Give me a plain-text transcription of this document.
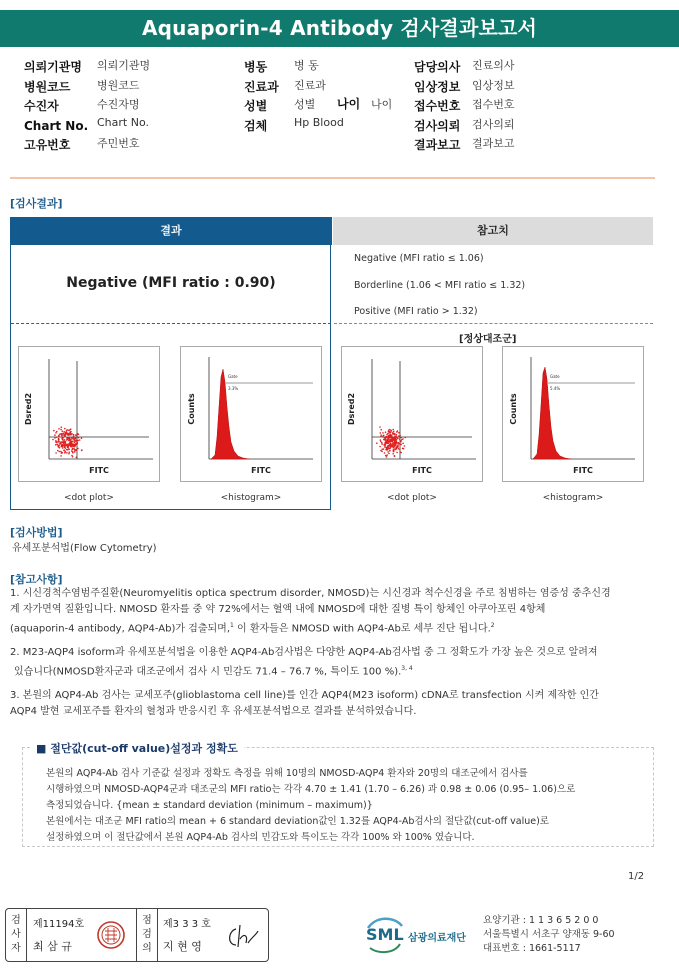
Aquaporin-4 Antibody 검사결과보고서
의뢰기관명 의뢰기관명
병원코드 병원코드
수진자	수진자명
Chart No. Chart No.
고유번호 주민번호
병동 병 동
진료과 진료과
성별 성별 나이 나이
검체 Hp Blood
담당의사 진료의사
임상정보 임상정보
접수번호 접수번호
검사의뢰 검사의뢰
결과보고 결과보고
[검사결과]
결과	참고치
Negative (MFI ratio : 0.90)
Negative (MFI ratio ≤ 1.06)
Borderline (1.06 < MFI ratio ≤ 1.32)
Positive (MFI ratio > 1.32)
[정상대조군]
Dsred2
FITC
<dot plot>
Gate
3.3%
Counts
FITC
<histogram>
Dsred2
FITC
<dot plot>
Gate
5.4%
Counts
FITC
<histogram>
[검사방법]
유세포분석법(Flow Cytometry)
[참고사항]
1. 시신경척수염범주질환(Neuromyelitis optica spectrum disorder, NMOSD)는 시신경과 척수신경을 주로 침범하는 염증성 중추신경
계 자가면역 질환입니다. NMOSD 환자를 중 약 72%에서는 혈액 내에 NMOSD에 대한 질병 특이 항체인 아쿠아포린 4항체
(aquaporin-4 antibody, AQP4-Ab)가 검출되며,$^1$ 이 환자들은 NMOSD with AQP4-Ab로 세부 진단 됩니다.$^2$
2. M23-AQP4 isoform과 유세포분석법을 이용한 AQP4-Ab검사법은 다양한 AQP4-Ab검사법 중 그 정확도가 가장 높은 것으로 알려져
있습니다(NMOSD환자군과 대조군에서 검사 시 민감도 71.4 – 76.7 %, 특이도 100 %).$^{3, 4}$
3. 본원의 AQP4-Ab 검사는 교세포주(glioblastoma cell line)를 인간 AQP4(M23 isoform) cDNA로 transfection 시켜 제작한 인간
AQP4 발현 교세포주를 환자의 혈청과 반응시킨 후 유세포분석법으로 결과를 분석하였습니다.
■ 절단값(cut-off value)설정과 정확도
본원의 AQP4-Ab 검사 기준값 설정과 정확도 측정을 위해 10명의 NMOSD-AQP4 환자와 20명의 대조군에서 검사를
시행하였으며 NMOSD-AQP4군과 대조군의 MFI ratio는 각각 4.70 ± 1.41 (1.70 – 6.26) 과 0.98 ± 0.06 (0.95– 1.06)으로
측정되었습니다. {mean ± standard deviation (minimum – maximum)}
본원에서는 대조군 MFI ratio의 mean + 6 standard deviation값인 1.32를 AQP4-Ab검사의 절단값(cut-off value)로
설정하였으며 이 절단값에서 본원 AQP4-Ab 검사의 민감도와 특이도는 각각 100% 와 100% 였습니다.
1/2
검
사
자
제11194호
최 삼 규
점
검
의
제3 3 3 호
지 현 영
SML 삼광의료재단
요양기관 : 1 1 3 6 5 2 0 0
서울특별시 서초구 양재동 9-60
대표번호 : 1661-5117
